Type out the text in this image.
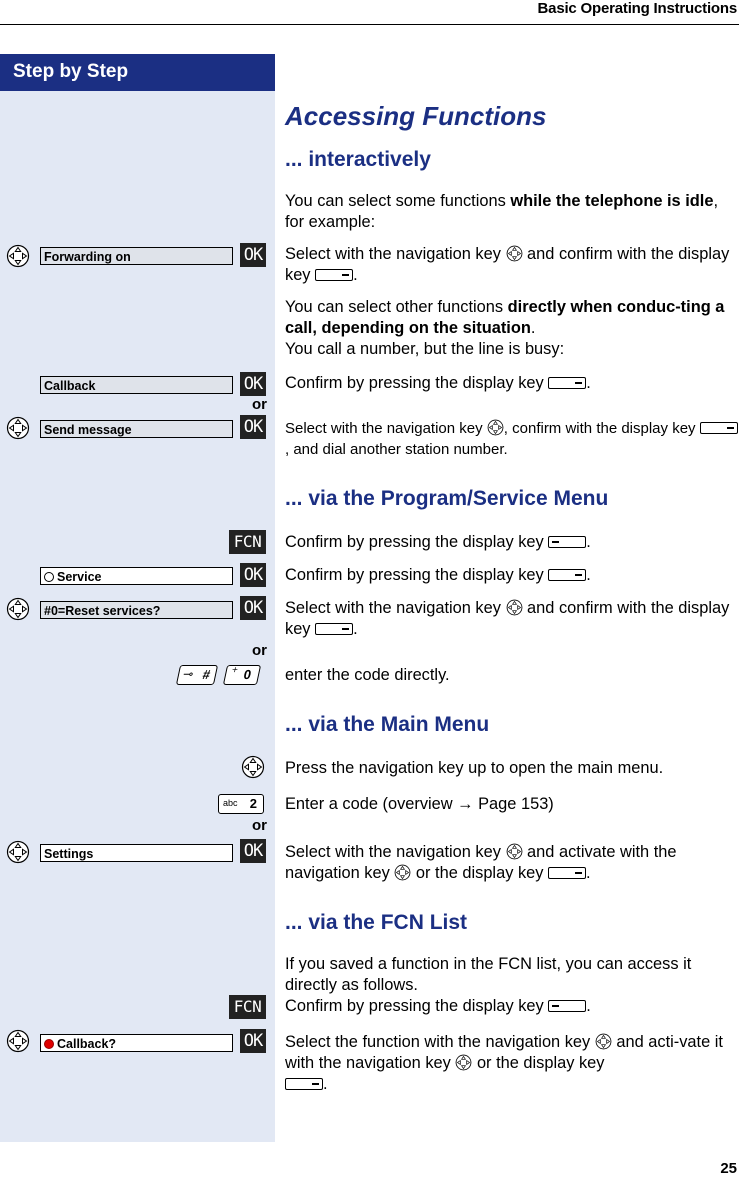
Basic Operating Instructions
Step by Step
Accessing Functions
... interactively
You can select some functions while the telephone is idle, for example:
Forwarding on	OK Select with the navigation key  and confirm with the display key .
You can select other functions directly when conduc-ting a call, depending on the situation.
You call a number, but the line is busy:
Callback	OK Confirm by pressing the display key .
or
Send message	OK Select with the navigation key , confirm with the display key , and dial another station number.
... via the Program/Service Menu
FCN Confirm by pressing the display key .
Service	OK Confirm by pressing the display key .
#0=Reset services?	OK Select with the navigation key  and confirm with the display key .
or
⊸ # + 0 enter the code directly.
... via the Main Menu
Press the navigation key up to open the main menu.
abc 2 Enter a code (overview → Page 153)
or
Settings	OK Select with the navigation key  and activate with the navigation key  or the display key .
... via the FCN List
If you saved a function in the FCN list, you can access it directly as follows.
FCN Confirm by pressing the display key .
Callback?	OK Select the function with the navigation key  and acti-vate it with the navigation key  or the display key
.
25
